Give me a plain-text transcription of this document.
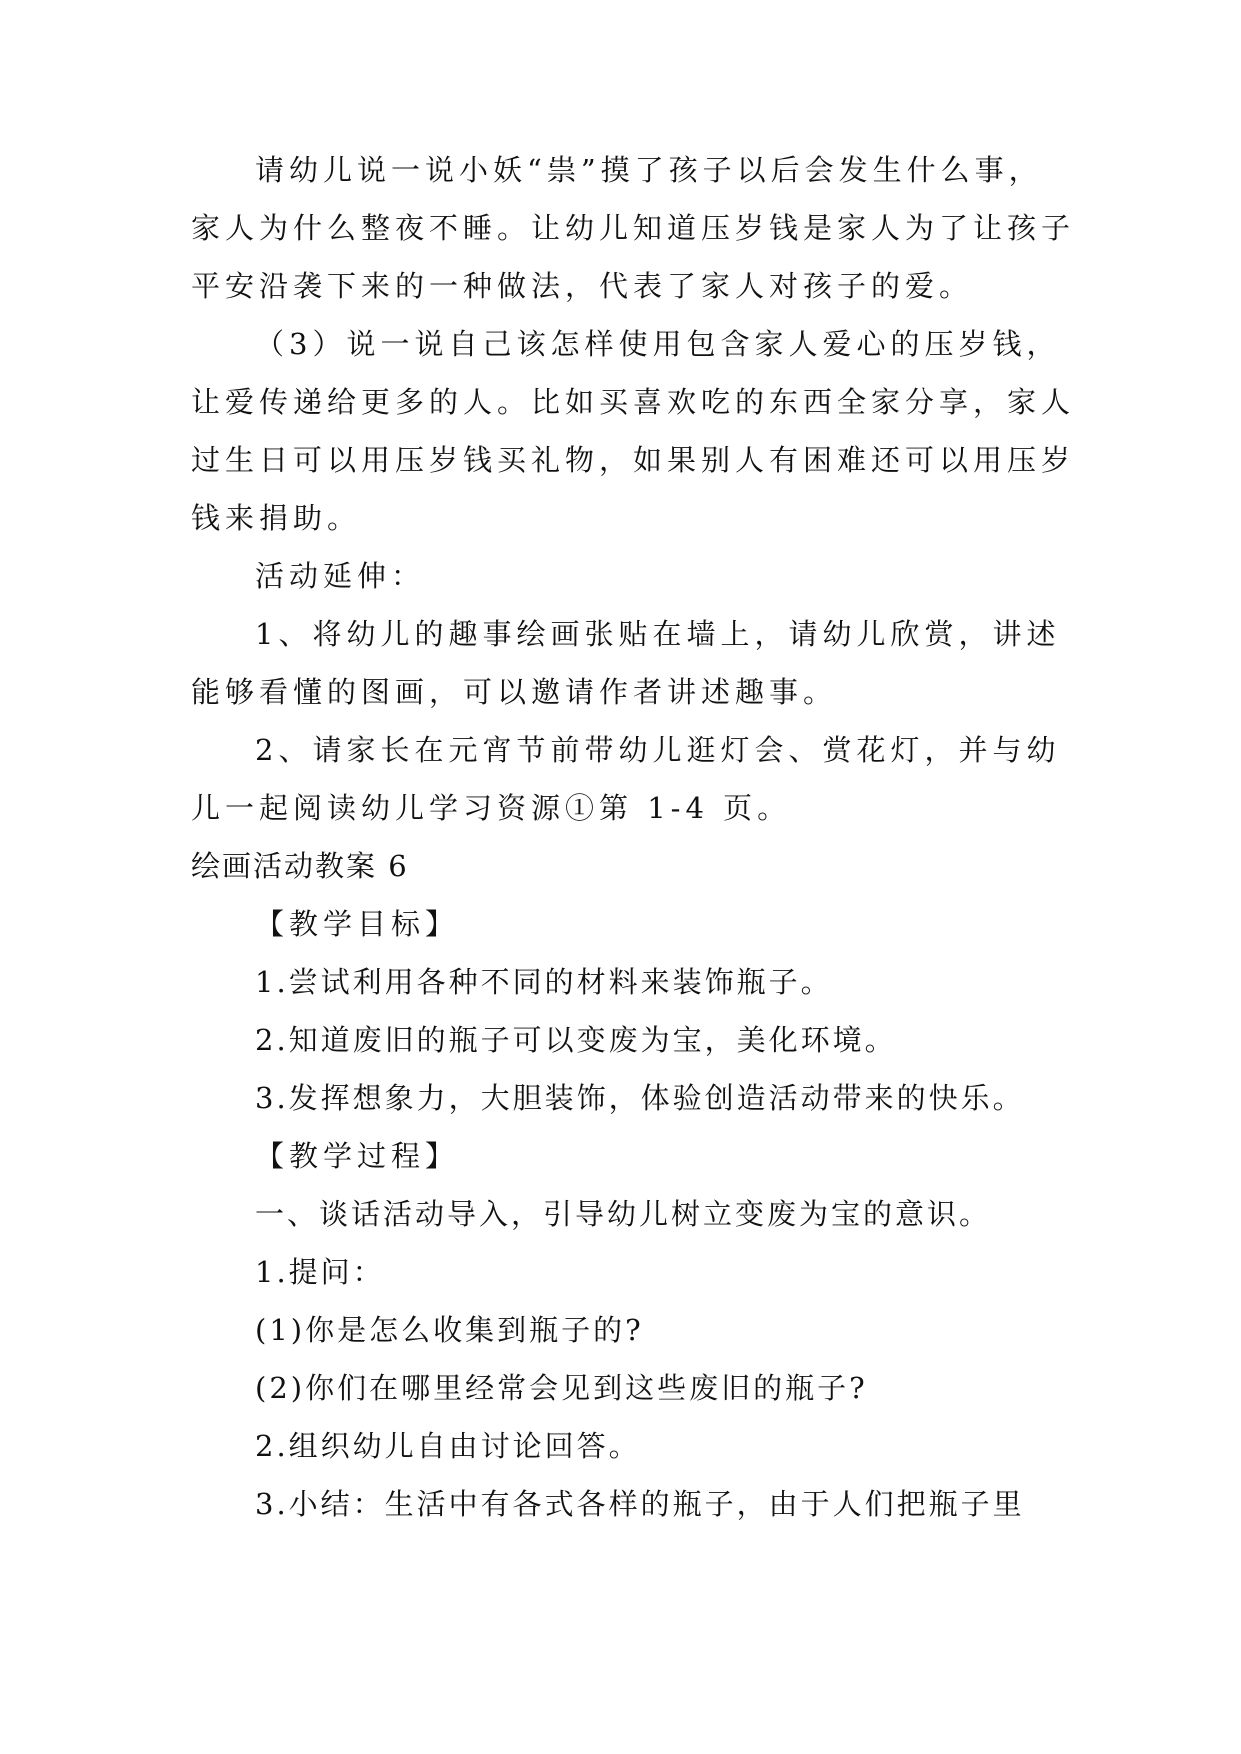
请幼儿说一说小妖“祟”摸了孩子以后会发生什么事，
家人为什么整夜不睡。让幼儿知道压岁钱是家人为了让孩子
平安沿袭下来的一种做法，代表了家人对孩子的爱。
（3）说一说自己该怎样使用包含家人爱心的压岁钱，
让爱传递给更多的人。比如买喜欢吃的东西全家分享，家人
过生日可以用压岁钱买礼物，如果别人有困难还可以用压岁
钱来捐助。
活动延伸：
1、将幼儿的趣事绘画张贴在墙上，请幼儿欣赏，讲述
能够看懂的图画，可以邀请作者讲述趣事。
2、请家长在元宵节前带幼儿逛灯会、赏花灯，并与幼
儿一起阅读幼儿学习资源①第 1-4 页。
绘画活动教案 6
【教学目标】
1.尝试利用各种不同的材料来装饰瓶子。
2.知道废旧的瓶子可以变废为宝，美化环境。
3.发挥想象力，大胆装饰，体验创造活动带来的快乐。
【教学过程】
一、谈话活动导入，引导幼儿树立变废为宝的意识。
1.提问：
(1)你是怎么收集到瓶子的?
(2)你们在哪里经常会见到这些废旧的瓶子?
2.组织幼儿自由讨论回答。
3.小结：生活中有各式各样的瓶子，由于人们把瓶子里
